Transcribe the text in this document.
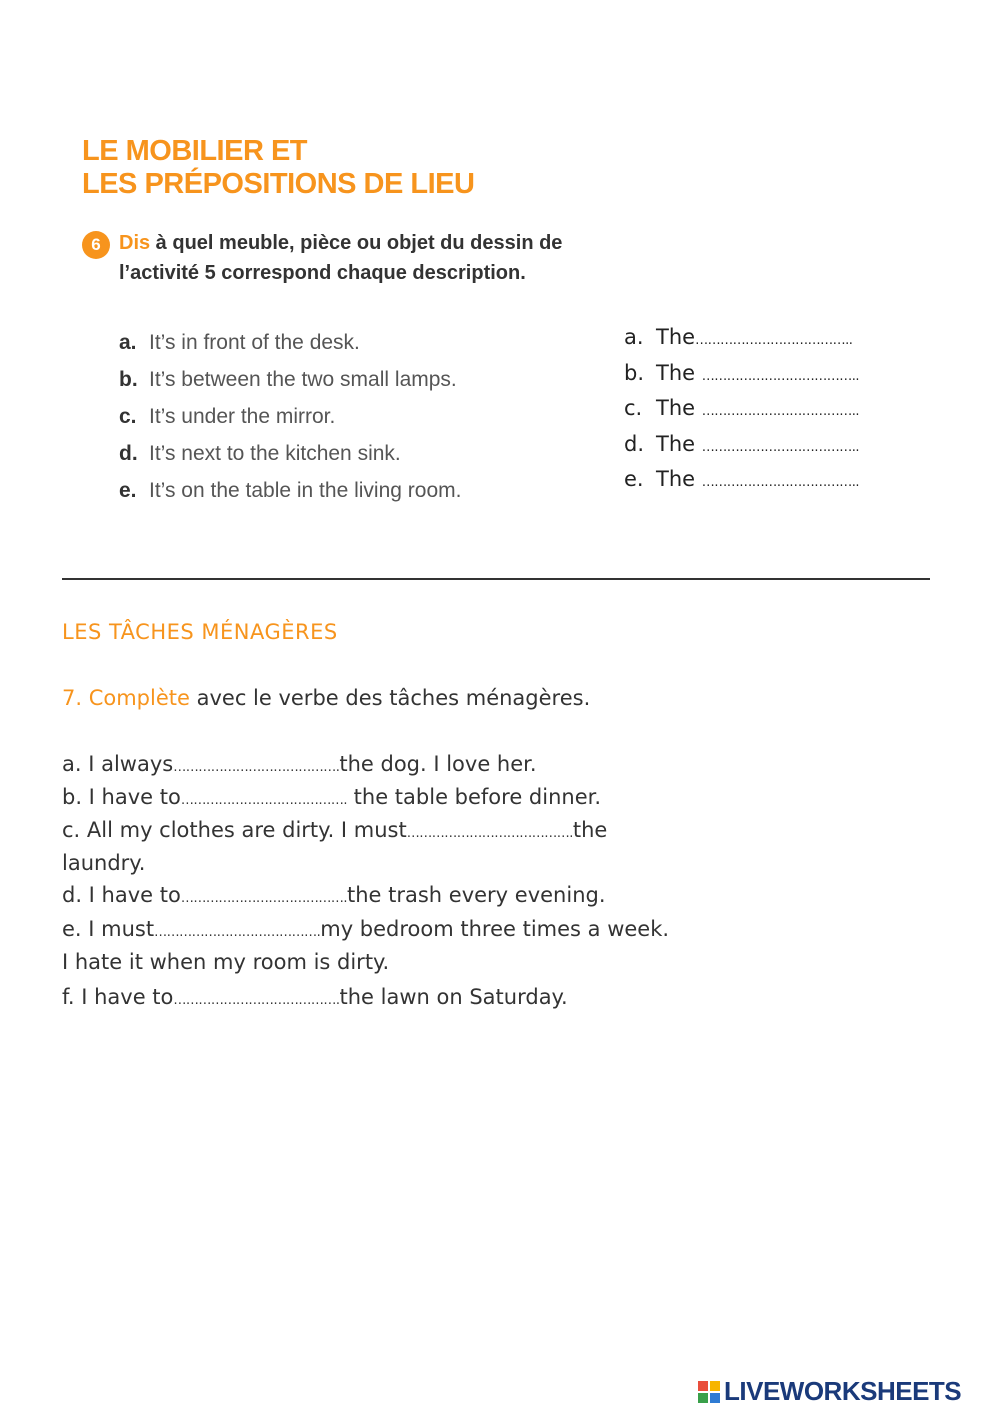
LE MOBILIER ET
LES PRÉPOSITIONS DE LIEU
6 Dis à quel meuble, pièce ou objet du dessin de l’activité 5 correspond chaque description.
a. It’s in front of the desk.
b. It’s between the two small lamps.
c. It’s under the mirror.
d. It’s next to the kitchen sink.
e. It’s on the table in the living room.
a. The………………………………..
b. The ………………………………..
c. The ………………………………..
d. The ………………………………..
e. The ………………………………..
LES TÂCHES MÉNAGÈRES
7. Complète avec le verbe des tâches ménagères.
a. I always………………………………….the dog. I love her.
b. I have to…………………………………. the table before dinner.
c. All my clothes are dirty. I must………………………………….the
laundry.
d. I have to………………………………….the trash every evening.
e. I must………………………………….my bedroom three times a week.
I hate it when my room is dirty.
f. I have to………………………………….the lawn on Saturday.
LIVEWORKSHEETS
